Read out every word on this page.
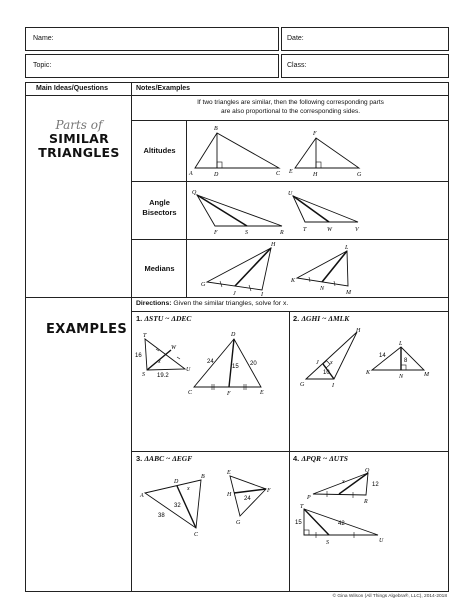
Name:	Date:
Topic:	Class:
Main Ideas/Questions	Notes/Examples
Parts of
SIMILAR
TRIANGLES
If two triangles are similar, then the following corresponding parts
are also proportional to the corresponding sides.
Altitudes
Angle
Bisectors
Medians
A
B
D	C E
F
H	G
Q
F	S	R
U
T	W	V
H
G
J	I
L
K
N
M
EXAMPLES
Directions: Given the similar triangles, solve for x.
1. ΔSTU ~ ΔDEC	2. ΔGHI ~ ΔMLK
3. ΔABC ~ ΔEGF	4. ΔPQR ~ ΔUTS
T
S
U
W
x
16
19.2
D
C	E
F
24
15 20
H
J
G	I
x
10
L
K
N	M
14
8
A
B
C
D
x
32
38
E
G
H
F
24
Q
P
R
x	12
T
S	U
15	42
© Gina Wilson (All Things Algebra®, LLC), 2014-2018
